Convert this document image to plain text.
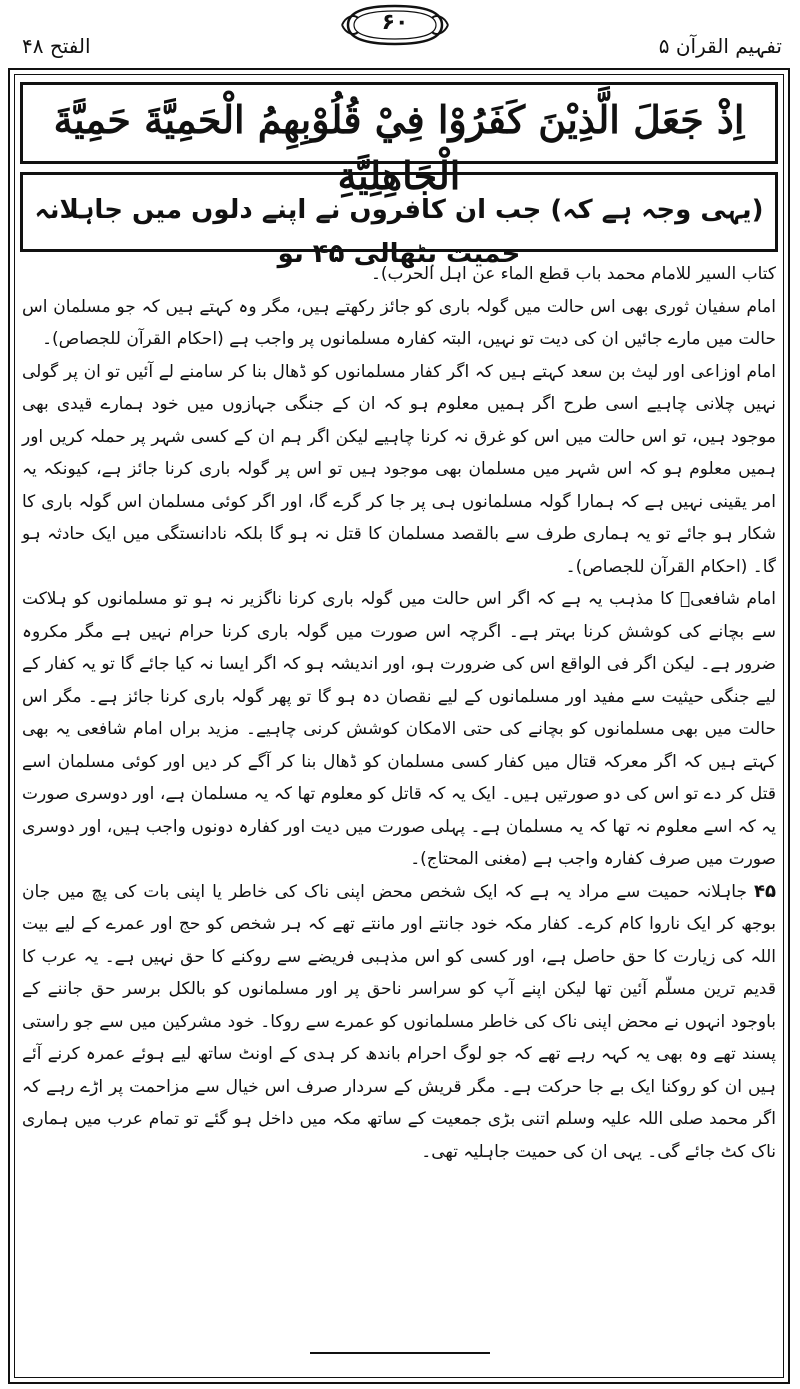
تفہیم القرآن ۵
۶۰
الفتح ۴۸
اِذْ جَعَلَ الَّذِيْنَ كَفَرُوْا فِيْ قُلُوْبِهِمُ الْحَمِيَّةَ حَمِيَّةَ الْجَاهِلِيَّةِ
(یہی وجہ ہے کہ) جب ان کافروں نے اپنے دلوں میں جاہلانہ حمیت بٹھالی ۴۵ تو

کتاب السیر للامام محمد باب قطع الماء عن اہل الحرب)۔

امام سفیان ثوری بھی اس حالت میں گولہ باری کو جائز رکھتے ہیں، مگر وہ کہتے ہیں کہ جو مسلمان اس حالت میں مارے جائیں ان کی دیت تو نہیں، البتہ کفارہ مسلمانوں پر واجب ہے (احکام القرآن للجصاص)۔

امام اوزاعی اور لیث بن سعد کہتے ہیں کہ اگر کفار مسلمانوں کو ڈھال بنا کر سامنے لے آئیں تو ان پر گولی نہیں چلانی چاہیے اسی طرح اگر ہمیں معلوم ہو کہ ان کے جنگی جہازوں میں خود ہمارے قیدی بھی موجود ہیں، تو اس حالت میں اس کو غرق نہ کرنا چاہیے لیکن اگر ہم ان کے کسی شہر پر حملہ کریں اور ہمیں معلوم ہو کہ اس شہر میں مسلمان بھی موجود ہیں تو اس پر گولہ باری کرنا جائز ہے، کیونکہ یہ امر یقینی نہیں ہے کہ ہمارا گولہ مسلمانوں ہی پر جا کر گرے گا، اور اگر کوئی مسلمان اس گولہ باری کا شکار ہو جائے تو یہ ہماری طرف سے بالقصد مسلمان کا قتل نہ ہو گا بلکہ نادانستگی میں ایک حادثہ ہو گا۔ (احکام القرآن للجصاص)۔

امام شافعیؒ کا مذہب یہ ہے کہ اگر اس حالت میں گولہ باری کرنا ناگزیر نہ ہو تو مسلمانوں کو ہلاکت سے بچانے کی کوشش کرنا بہتر ہے۔ اگرچہ اس صورت میں گولہ باری کرنا حرام نہیں ہے مگر مکروہ ضرور ہے۔ لیکن اگر فی الواقع اس کی ضرورت ہو، اور اندیشہ ہو کہ اگر ایسا نہ کیا جائے گا تو یہ کفار کے لیے جنگی حیثیت سے مفید اور مسلمانوں کے لیے نقصان دہ ہو گا تو پھر گولہ باری کرنا جائز ہے۔ مگر اس حالت میں بھی مسلمانوں کو بچانے کی حتی الامکان کوشش کرنی چاہیے۔ مزید براں امام شافعی یہ بھی کہتے ہیں کہ اگر معرکہ قتال میں کفار کسی مسلمان کو ڈھال بنا کر آگے کر دیں اور کوئی مسلمان اسے قتل کر دے تو اس کی دو صورتیں ہیں۔ ایک یہ کہ قاتل کو معلوم تھا کہ یہ مسلمان ہے، اور دوسری صورت یہ کہ اسے معلوم نہ تھا کہ یہ مسلمان ہے۔ پہلی صورت میں دیت اور کفارہ دونوں واجب ہیں، اور دوسری صورت میں صرف کفارہ واجب ہے (مغنی المحتاج)۔

۴۵ جاہلانہ حمیت سے مراد یہ ہے کہ ایک شخص محض اپنی ناک کی خاطر یا اپنی بات کی پچ میں جان بوجھ کر ایک ناروا کام کرے۔ کفار مکہ خود جانتے اور مانتے تھے کہ ہر شخص کو حج اور عمرے کے لیے بیت اللہ کی زیارت کا حق حاصل ہے، اور کسی کو اس مذہبی فریضے سے روکنے کا حق نہیں ہے۔ یہ عرب کا قدیم ترین مسلّم آئین تھا لیکن اپنے آپ کو سراسر ناحق پر اور مسلمانوں کو بالکل برسر حق جاننے کے باوجود انہوں نے محض اپنی ناک کی خاطر مسلمانوں کو عمرے سے روکا۔ خود مشرکین میں سے جو راستی پسند تھے وہ بھی یہ کہہ رہے تھے کہ جو لوگ احرام باندھ کر ہدی کے اونٹ ساتھ لیے ہوئے عمرہ کرنے آئے ہیں ان کو روکنا ایک بے جا حرکت ہے۔ مگر قریش کے سردار صرف اس خیال سے مزاحمت پر اڑے رہے کہ اگر محمد صلی اللہ علیہ وسلم اتنی بڑی جمعیت کے ساتھ مکہ میں داخل ہو گئے تو تمام عرب میں ہماری ناک کٹ جائے گی۔ یہی ان کی حمیت جاہلیہ تھی۔
